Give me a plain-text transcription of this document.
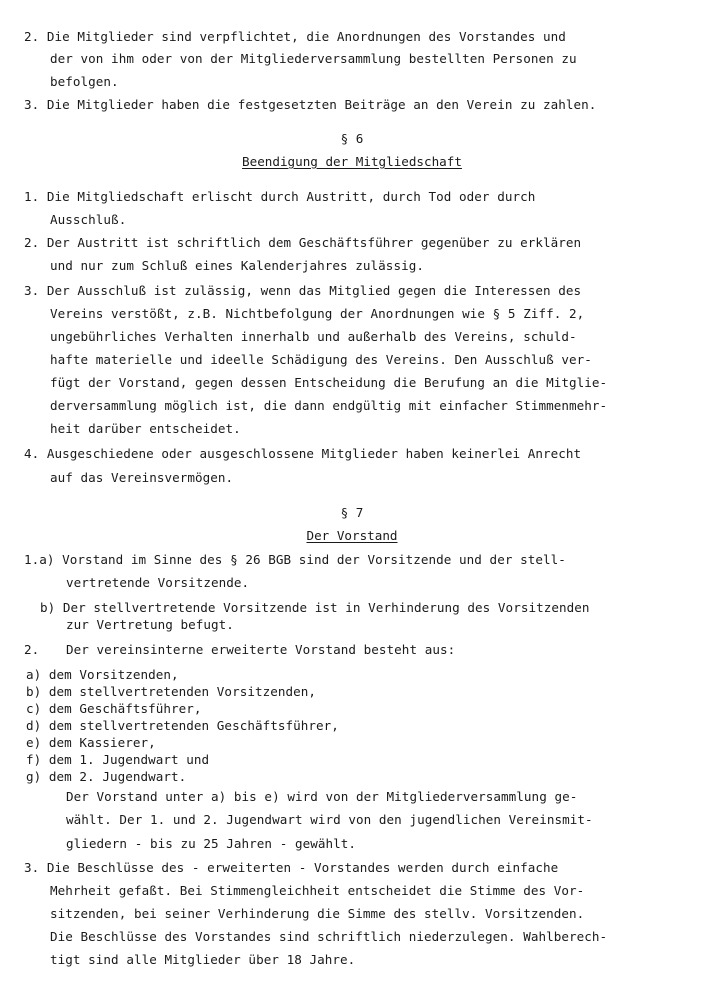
2. Die Mitglieder sind verpflichtet, die Anordnungen des Vorstandes und
der von ihm oder von der Mitgliederversammlung bestellten Personen zu
befolgen.
3. Die Mitglieder haben die festgesetzten Beiträge an den Verein zu zahlen.
§ 6
Beendigung der Mitgliedschaft
1. Die Mitgliedschaft erlischt durch Austritt, durch Tod oder durch
Ausschluß.
2. Der Austritt ist schriftlich dem Geschäftsführer gegenüber zu erklären
und nur zum Schluß eines Kalenderjahres zulässig.
3. Der Ausschluß ist zulässig, wenn das Mitglied gegen die Interessen des
Vereins verstößt, z.B. Nichtbefolgung der Anordnungen wie § 5 Ziff. 2,
ungebührliches Verhalten innerhalb und außerhalb des Vereins, schuld-
hafte materielle und ideelle Schädigung des Vereins. Den Ausschluß ver-
fügt der Vorstand, gegen dessen Entscheidung die Berufung an die Mitglie-
derversammlung möglich ist, die dann endgültig mit einfacher Stimmenmehr-
heit darüber entscheidet.
4. Ausgeschiedene oder ausgeschlossene Mitglieder haben keinerlei Anrecht
auf das Vereinsvermögen.
§ 7
Der Vorstand
1.a) Vorstand im Sinne des § 26 BGB sind der Vorsitzende und der stell-
vertretende Vorsitzende.
b) Der stellvertretende Vorsitzende ist in Verhinderung des Vorsitzenden
zur Vertretung befugt.
2. Der vereinsinterne erweiterte Vorstand besteht aus:
a) dem Vorsitzenden,
b) dem stellvertretenden Vorsitzenden,
c) dem Geschäftsführer,
d) dem stellvertretenden Geschäftsführer,
e) dem Kassierer,
f) dem 1. Jugendwart und
g) dem 2. Jugendwart.
Der Vorstand unter a) bis e) wird von der Mitgliederversammlung ge-
wählt. Der 1. und 2. Jugendwart wird von den jugendlichen Vereinsmit-
gliedern - bis zu 25 Jahren - gewählt.
3. Die Beschlüsse des - erweiterten - Vorstandes werden durch einfache
Mehrheit gefaßt. Bei Stimmengleichheit entscheidet die Stimme des Vor-
sitzenden, bei seiner Verhinderung die Simme des stellv. Vorsitzenden.
Die Beschlüsse des Vorstandes sind schriftlich niederzulegen. Wahlberech-
tigt sind alle Mitglieder über 18 Jahre.
